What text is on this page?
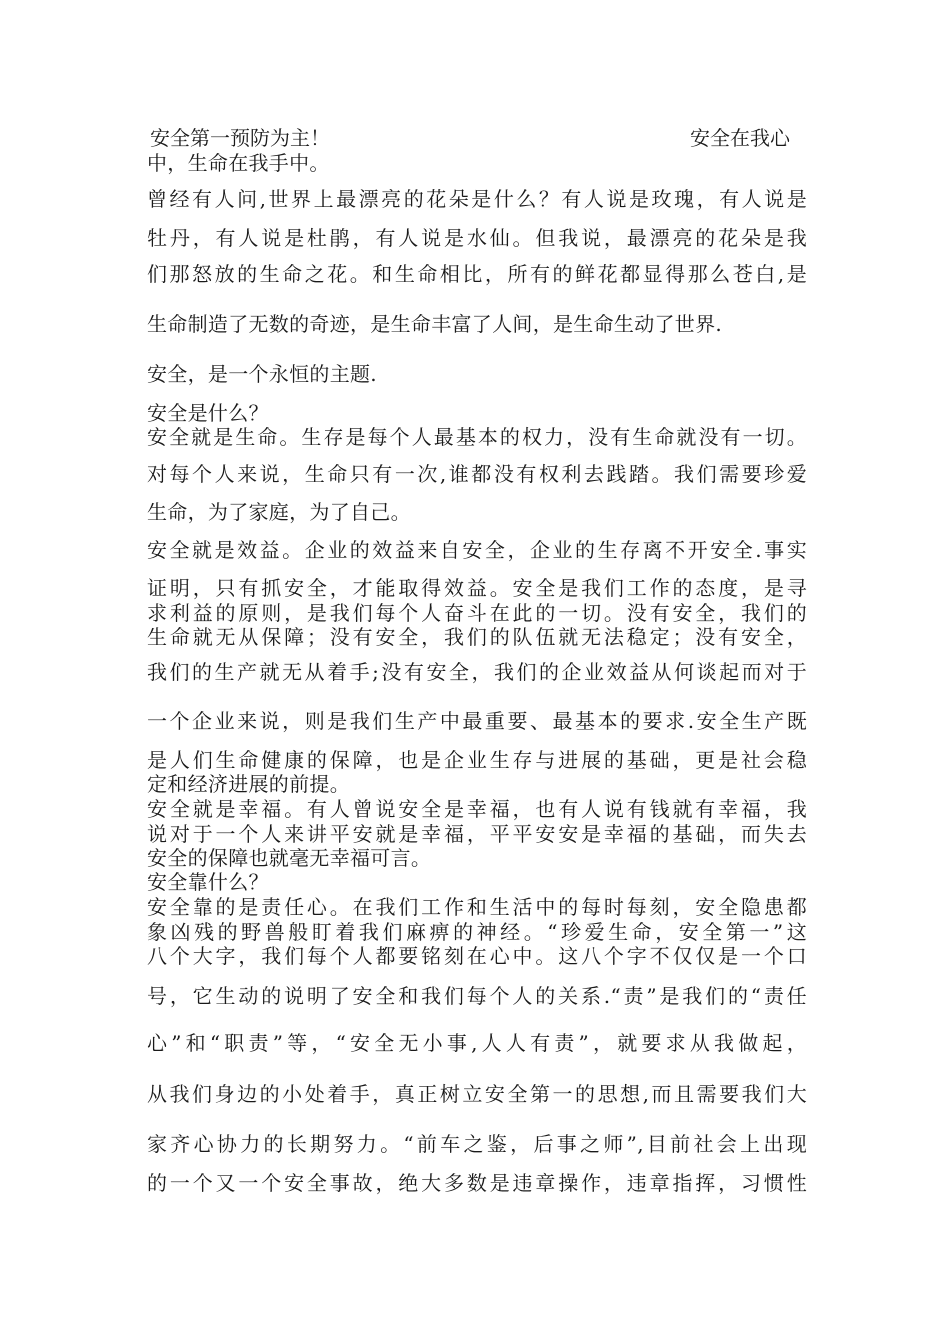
安全第一预防为主！	安全在我心
中，生命在我手中。
曾经有人问,世界上最漂亮的花朵是什么？有人说是玫瑰，有人说是
牡丹，有人说是杜鹃，有人说是水仙。但我说，最漂亮的花朵是我
们那怒放的生命之花。和生命相比，所有的鲜花都显得那么苍白,是
生命制造了无数的奇迹，是生命丰富了人间，是生命生动了世界.
安全，是一个永恒的主题.
安全是什么？
安全就是生命。生存是每个人最基本的权力，没有生命就没有一切。
对每个人来说，生命只有一次,谁都没有权利去践踏。我们需要珍爱
生命，为了家庭，为了自己。
安全就是效益。企业的效益来自安全，企业的生存离不开安全.事实
证明，只有抓安全，才能取得效益。安全是我们工作的态度，是寻
求利益的原则，是我们每个人奋斗在此的一切。没有安全，我们的
生命就无从保障；没有安全，我们的队伍就无法稳定；没有安全，
我们的生产就无从着手;没有安全，我们的企业效益从何谈起而对于
一个企业来说，则是我们生产中最重要、最基本的要求.安全生产既
是人们生命健康的保障，也是企业生存与进展的基础，更是社会稳
定和经济进展的前提。
安全就是幸福。有人曾说安全是幸福，也有人说有钱就有幸福，我
说对于一个人来讲平安就是幸福，平平安安是幸福的基础，而失去
安全的保障也就毫无幸福可言。
安全靠什么？
安全靠的是责任心。在我们工作和生活中的每时每刻，安全隐患都
象凶残的野兽般盯着我们麻痹的神经。“珍爱生命，安全第一”这
八个大字，我们每个人都要铭刻在心中。这八个字不仅仅是一个口
号，它生动的说明了安全和我们每个人的关系.“责”是我们的“责任
心”和“职责”等，“安全无小事,人人有责”，就要求从我做起，
从我们身边的小处着手，真正树立安全第一的思想,而且需要我们大
家齐心协力的长期努力。“前车之鉴，后事之师”,目前社会上出现
的一个又一个安全事故，绝大多数是违章操作，违章指挥，习惯性
